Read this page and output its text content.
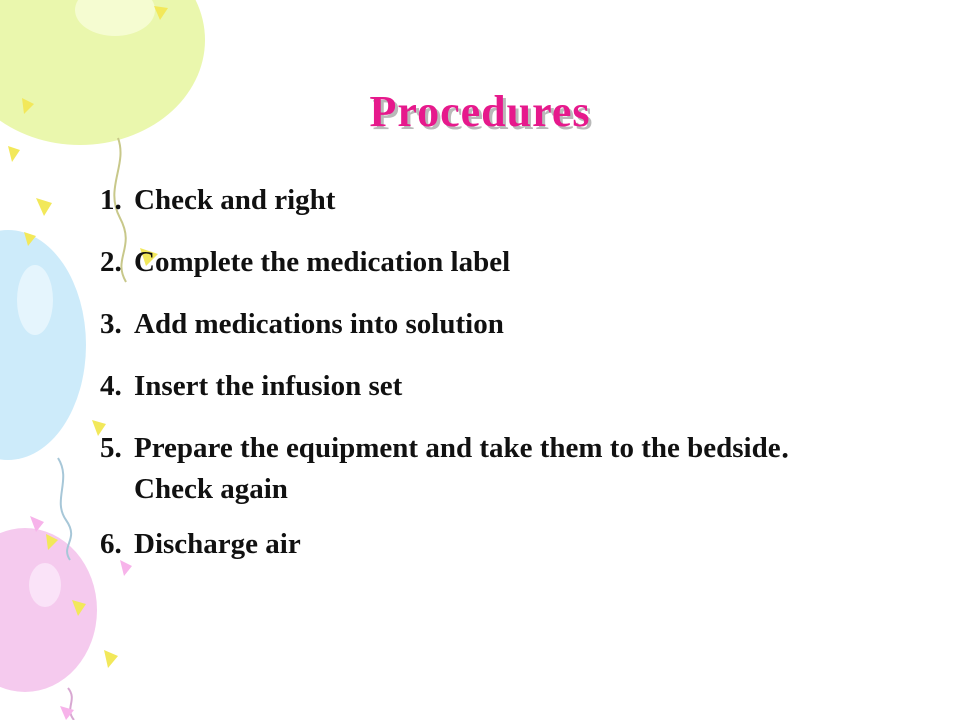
Procedures
1. Check and right
2. Complete the medication label
3. Add medications into solution
4. Insert the infusion set
5. Prepare the equipment and take them to the bedside．Check again
6. Discharge air
